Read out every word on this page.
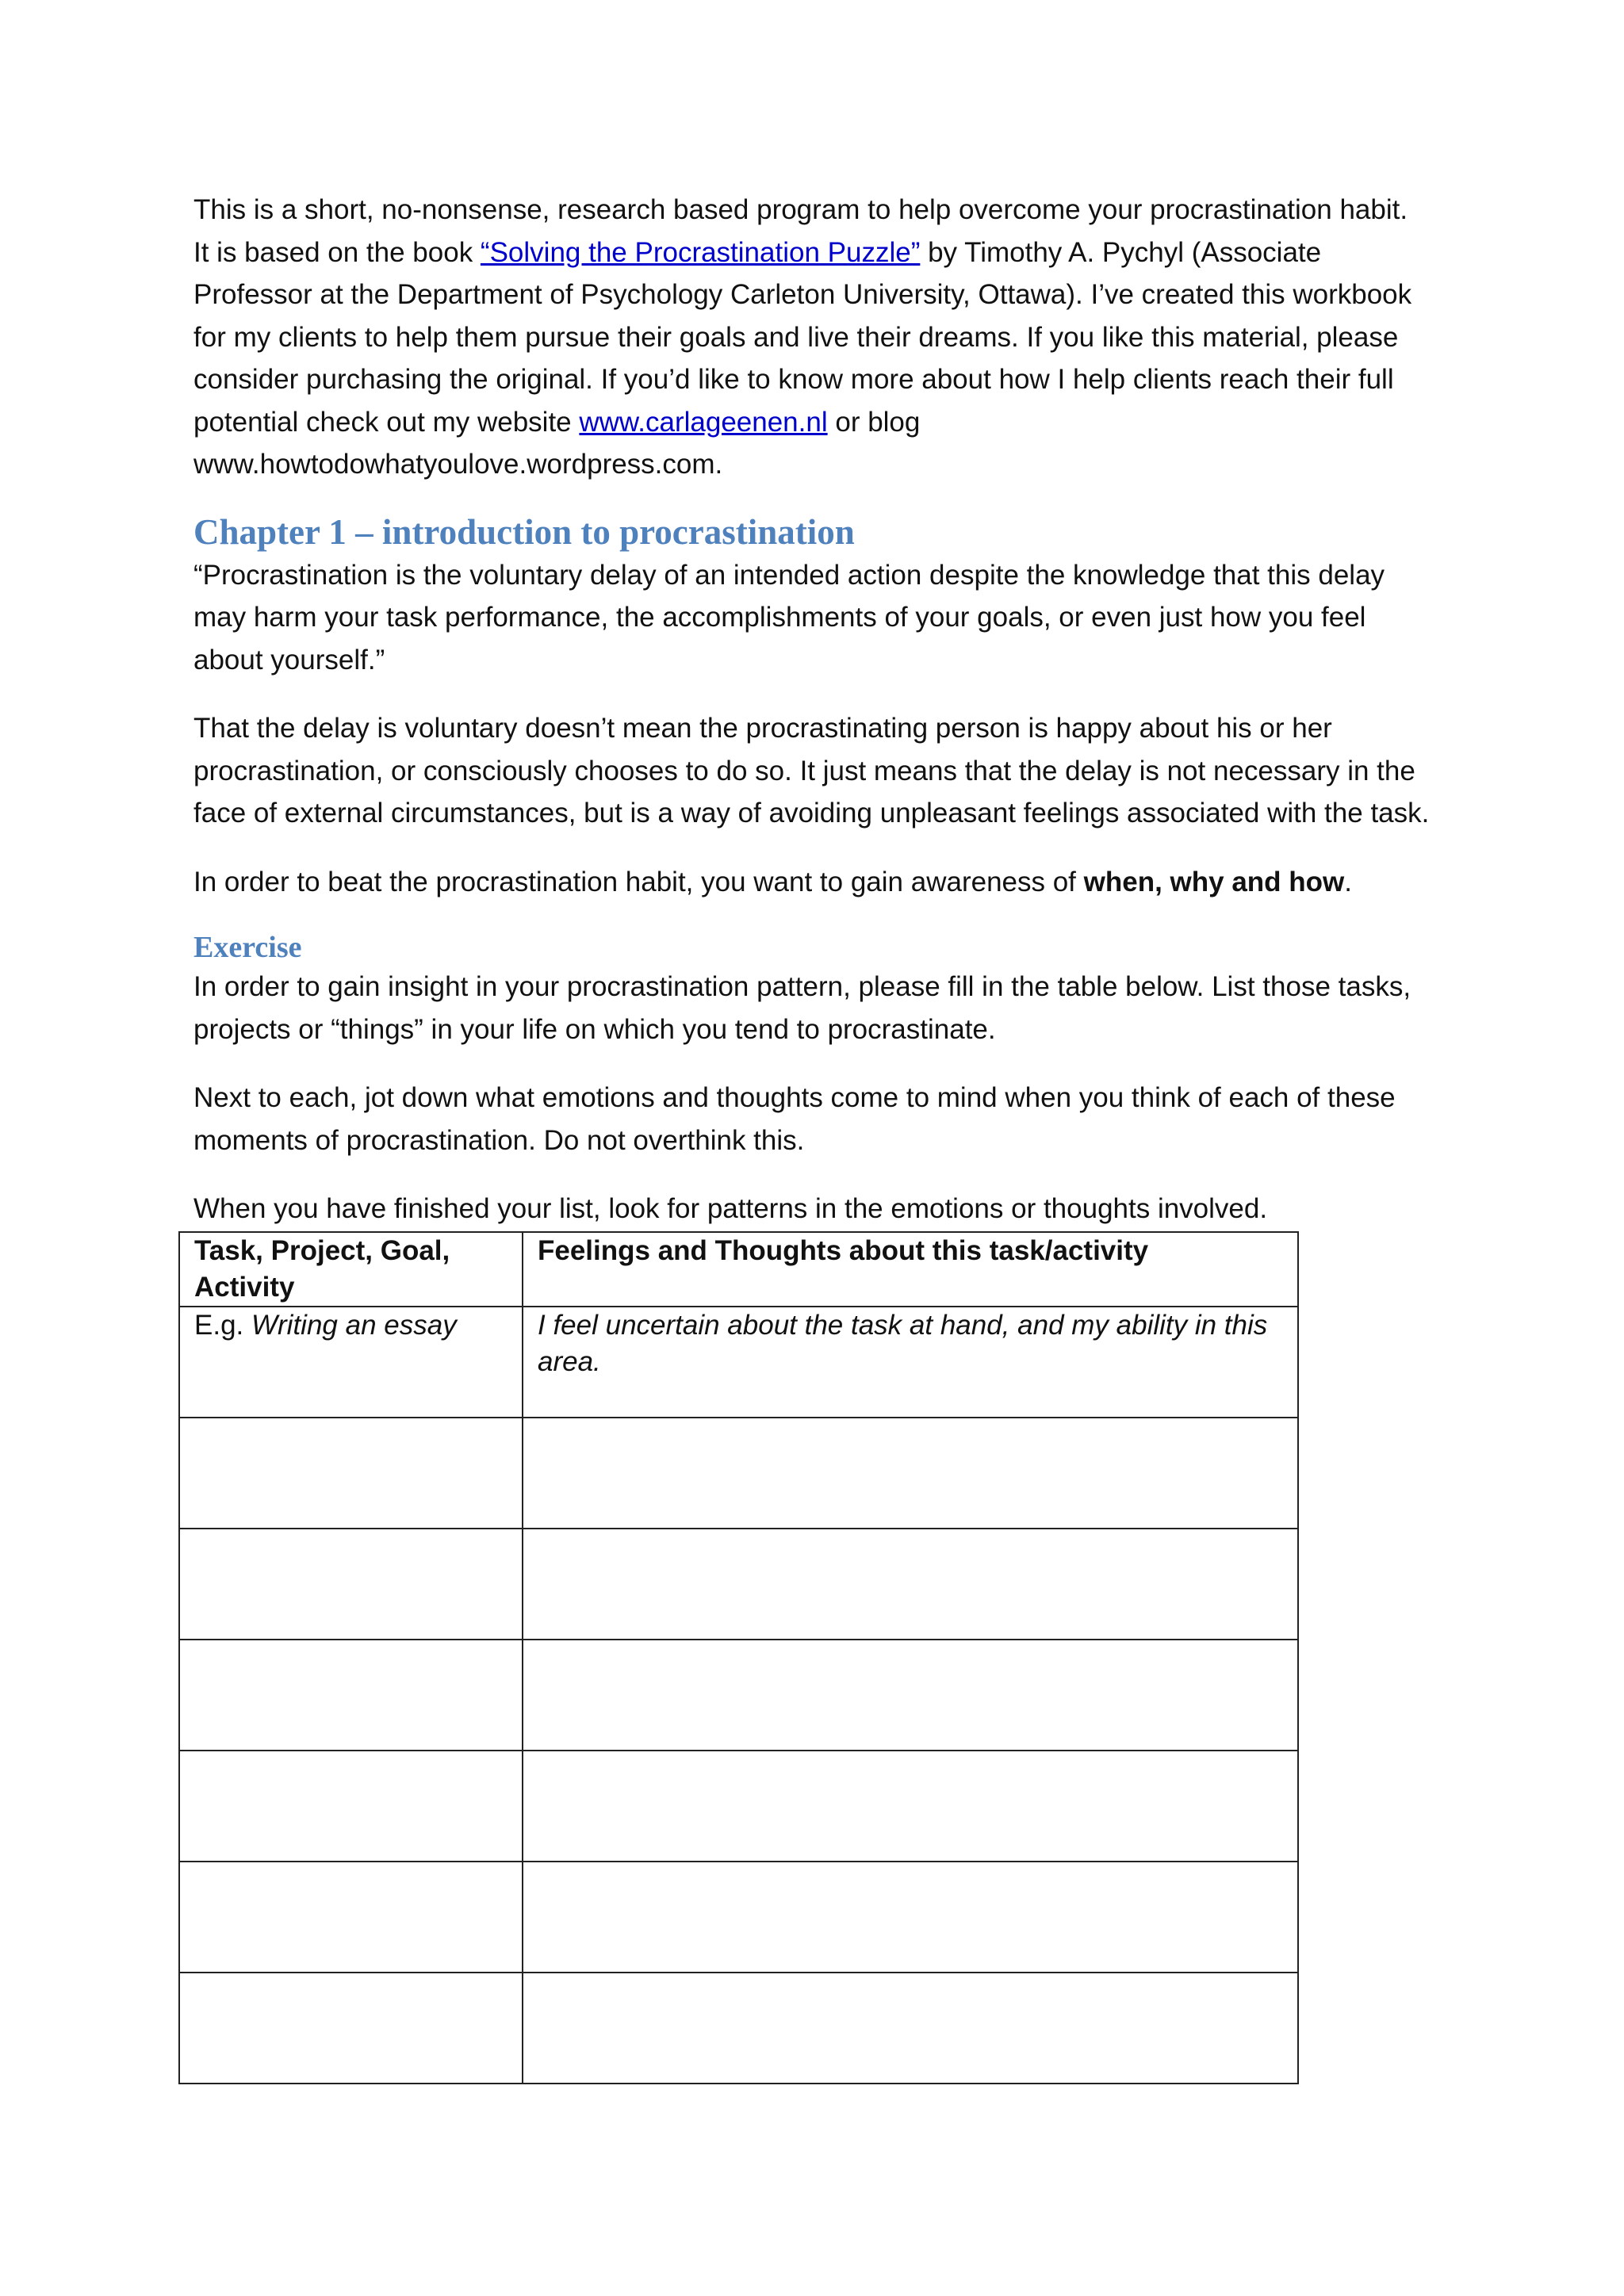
This is a short, no-nonsense, research based program to help overcome your procrastination habit. It is based on the book “Solving the Procrastination Puzzle” by Timothy A. Pychyl (Associate Professor at the Department of Psychology Carleton University, Ottawa). I’ve created this workbook for my clients to help them pursue their goals and live their dreams. If you like this material, please consider purchasing the original. If you’d like to know more about how I help clients reach their full potential check out my website www.carlageenen.nl or blog www.howtodowhatyoulove.wordpress.com.

Chapter 1 – introduction to procrastination

“Procrastination is the voluntary delay of an intended action despite the knowledge that this delay may harm your task performance, the accomplishments of your goals, or even just how you feel about yourself.”

That the delay is voluntary doesn’t mean the procrastinating person is happy about his or her procrastination, or consciously chooses to do so. It just means that the delay is not necessary in the face of external circumstances, but is a way of avoiding unpleasant feelings associated with the task.

In order to beat the procrastination habit, you want to gain awareness of when, why and how.

Exercise

In order to gain insight in your procrastination pattern, please fill in the table below. List those tasks, projects or “things” in your life on which you tend to procrastinate.

Next to each, jot down what emotions and thoughts come to mind when you think of each of these moments of procrastination. Do not overthink this.

When you have finished your list, look for patterns in the emotions or thoughts involved.

Task, Project, Goal, Activity	Feelings and Thoughts about this task/activity
E.g. Writing an essay	I feel uncertain about the task at hand, and my ability in this area.
